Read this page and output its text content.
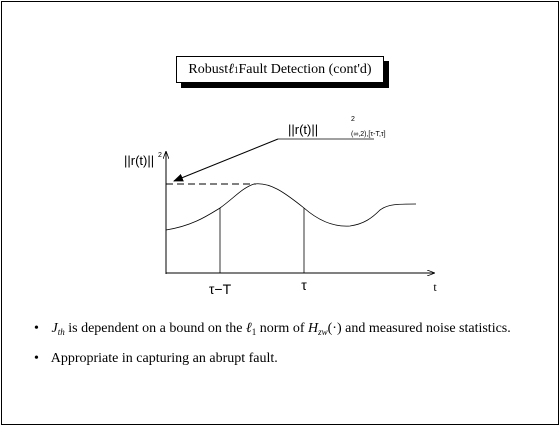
Robust ℓ 1 Fault Detection (cont'd)
||r(t)||
2
(∞,2),[τ-T,τ]
||r(t)|| 2
τ−T	τ	t
• $J_{th}$ is dependent on a bound on the ℓ$_1$ norm of $H_{zw}(\cdot)$ and measured noise statistics.
• Appropriate in capturing an abrupt fault.
